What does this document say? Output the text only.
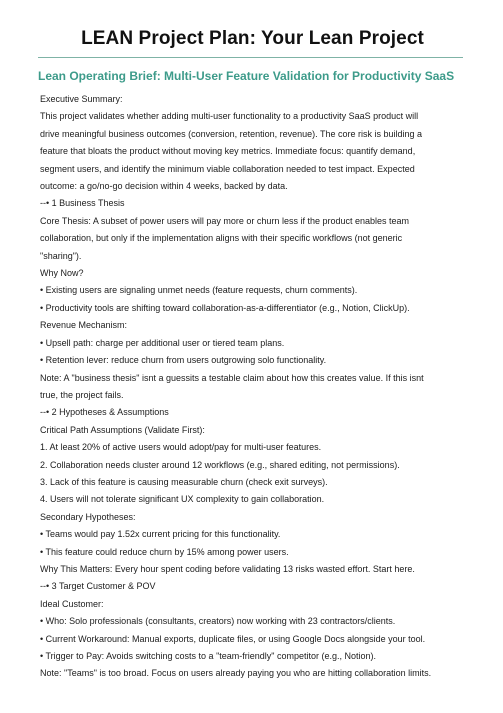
LEAN Project Plan: Your Lean Project
Lean Operating Brief: Multi-User Feature Validation for Productivity SaaS

Executive Summary:

This project validates whether adding multi-user functionality to a productivity SaaS product will

drive meaningful business outcomes (conversion, retention, revenue). The core risk is building a

feature that bloats the product without moving key metrics. Immediate focus: quantify demand,

segment users, and identify the minimum viable collaboration needed to test impact. Expected

outcome: a go/no-go decision within 4 weeks, backed by data.

--• 1 Business Thesis

Core Thesis: A subset of power users will pay more or churn less if the product enables team

collaboration, but only if the implementation aligns with their specific workflows (not generic

"sharing").

Why Now?

• Existing users are signaling unmet needs (feature requests, churn comments).

• Productivity tools are shifting toward collaboration-as-a-differentiator (e.g., Notion, ClickUp).

Revenue Mechanism:

• Upsell path: charge per additional user or tiered team plans.

• Retention lever: reduce churn from users outgrowing solo functionality.

Note: A "business thesis" isnt a guessits a testable claim about how this creates value. If this isnt

true, the project fails.

--• 2 Hypotheses & Assumptions

Critical Path Assumptions (Validate First):

1. At least 20% of active users would adopt/pay for multi-user features.

2. Collaboration needs cluster around 12 workflows (e.g., shared editing, not permissions).

3. Lack of this feature is causing measurable churn (check exit surveys).

4. Users will not tolerate significant UX complexity to gain collaboration.

Secondary Hypotheses:

• Teams would pay 1.52x current pricing for this functionality.

• This feature could reduce churn by 15% among power users.

Why This Matters: Every hour spent coding before validating 13 risks wasted effort. Start here.

--• 3 Target Customer & POV

Ideal Customer:

• Who: Solo professionals (consultants, creators) now working with 23 contractors/clients.

• Current Workaround: Manual exports, duplicate files, or using Google Docs alongside your tool.

• Trigger to Pay: Avoids switching costs to a "team-friendly" competitor (e.g., Notion).

Note: "Teams" is too broad. Focus on users already paying you who are hitting collaboration limits.
